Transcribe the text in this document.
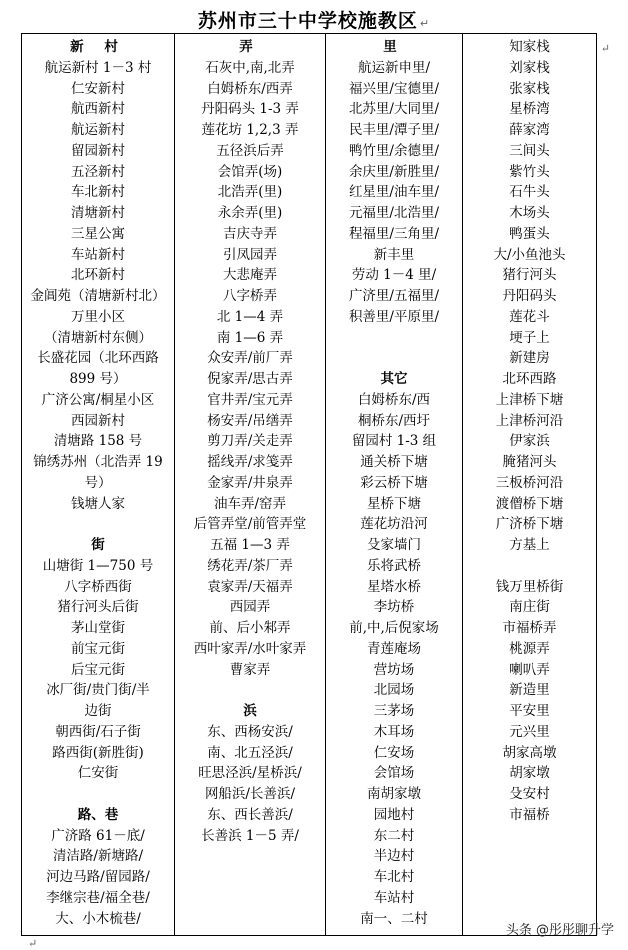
苏州市三十中学校施教区 ↵
新 村
航运新村 1－3 村
仁安新村
航西新村
航运新村
留园新村
五泾新村
车北新村
清塘新村
三星公寓
车站新村
北环新村
金阊苑（清塘新村北）
万里小区
（清塘新村东侧）
长盛花园（北环西路
899 号）
广济公寓/桐星小区
西园新村
清塘路 158 号
锦绣苏州（北浩弄 19
号）
钱塘人家
街
山塘街 1—750 号
八字桥西街
猪行河头后街
茅山堂街
前宝元街
后宝元街
冰厂街/贵门街/半
边街
朝西街/石子街
路西街(新胜街)
仁安街
路、巷
广济路 61－底/
清洁路/新塘路/
河边马路/留园路/
李继宗巷/福全巷/
大、小木梳巷/
弄
石灰中,南,北弄
白姆桥东/西弄
丹阳码头 1-3 弄
莲花坊 1,2,3 弄
五径浜后弄
会馆弄(场)
北浩弄(里)
永余弄(里)
吉庆寺弄
引凤园弄
大悲庵弄
八字桥弄
北 1—4 弄
南 1—6 弄
众安弄/前厂弄
倪家弄/思古弄
官井弄/宝元弄
杨安弄/吊缮弄
剪刀弄/关走弄
摇线弄/求笺弄
金家弄/井泉弄
油车弄/窑弄
后管弄堂/前管弄堂
五福 1—3 弄
绣花弄/茶厂弄
袁家弄/天福弄
西园弄
前、后小邾弄
西叶家弄/水叶家弄
曹家弄
浜
东、西杨安浜/
南、北五泾浜/
旺思泾浜/星桥浜/
网船浜/长善浜/
东、西长善浜/
长善浜 1－5 弄/
里
航运新申里/
福兴里/宝德里/
北苏里/大同里/
民丰里/潭子里/
鸭竹里/余德里/
余庆里/新胜里/
红星里/油车里/
元福里/北浩里/
程福里/三角里/
新丰里
劳动 1－4 里/
广济里/五福里/
积善里/平原里/
其它
白姆桥东/西
桐桥东/西圩
留园村 1-3 组
通关桥下塘
彩云桥下塘
星桥下塘
莲花坊沿河
殳家墙门
乐将武桥
星塔水桥
李坊桥
前,中,后倪家场
青莲庵场
营坊场
北园场
三茅场
木耳场
仁安场
会馆场
南胡家墩
园地村
东二村
半边村
车北村
车站村
南一、二村
知家栈
刘家栈
张家栈
星桥湾
薛家湾
三间头
紫竹头
石牛头
木场头
鸭蛋头
大/小鱼池头
猪行河头
丹阳码头
莲花斗
埂子上
新建房
北环西路
上津桥下塘
上津桥河沿
伊家浜
腌猪河头
三板桥河沿
渡僧桥下塘
广济桥下塘
方基上
钱万里桥街
南庄街
市福桥弄
桃源弄
喇叭弄
新造里
平安里
元兴里
胡家高墩
胡家墩
殳安村
市福桥
↵
↵
头条 @彤彤聊升学
